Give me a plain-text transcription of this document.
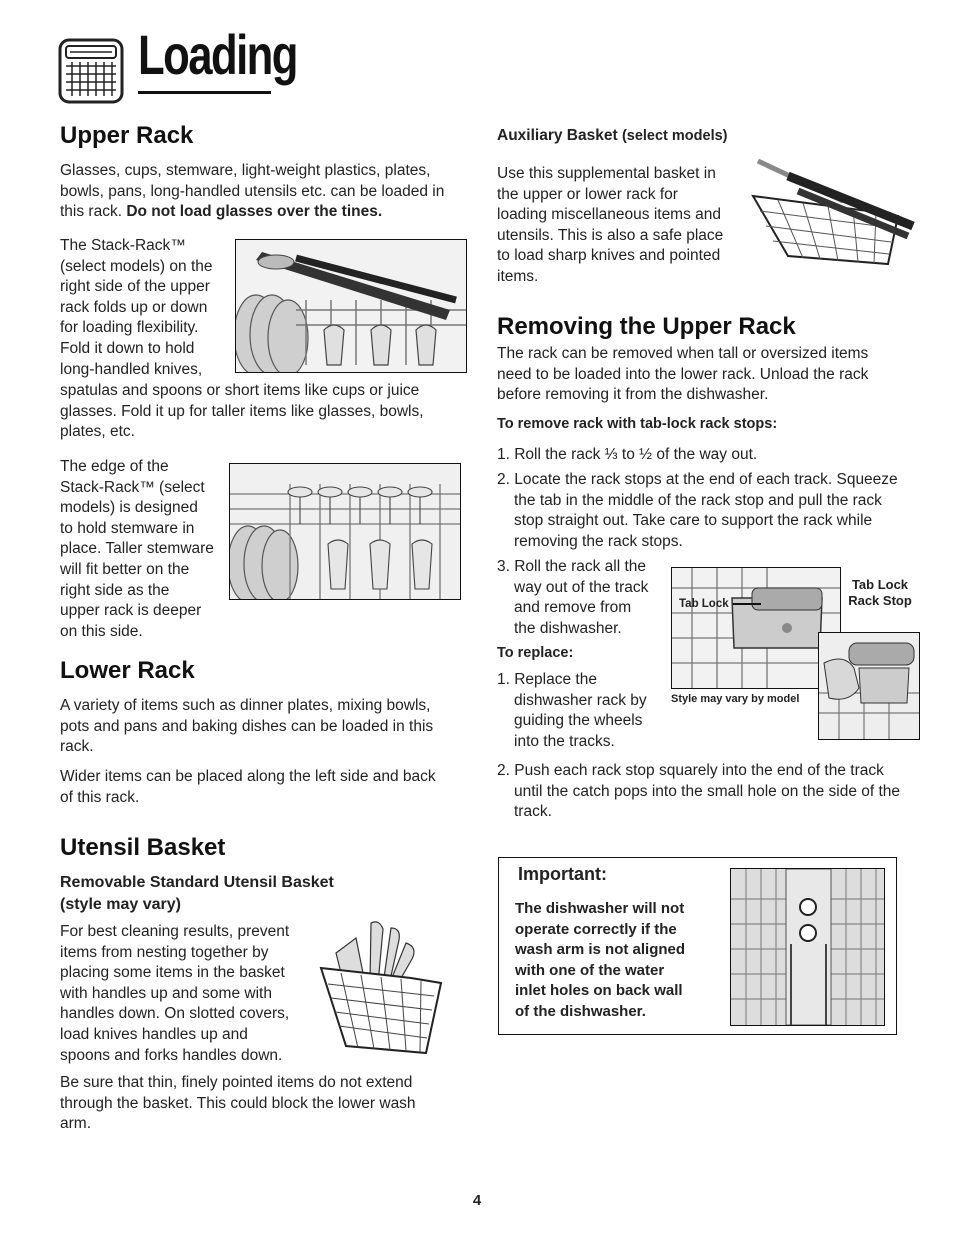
Loading
Upper Rack

Glasses, cups, stemware, light-weight plastics, plates, bowls, pans, long-handled utensils etc. can be loaded in this rack. Do not load glasses over the tines.

The Stack-Rack™

(select models) on the

right side of the upper

rack folds up or down

for loading flexibility.

Fold it down to hold

long-handled knives,

spatulas and spoons or short items like cups or juice glasses. Fold it up for taller items like glasses, bowls, plates, etc.

The edge of the

Stack-Rack™ (select

models) is designed

to hold stemware in

place. Taller stemware

will fit better on the

right side as the

upper rack is deeper

on this side.

Lower Rack

A variety of items such as dinner plates, mixing bowls, pots and pans and baking dishes can be loaded in this rack.

Wider items can be placed along the left side and back of this rack.

Utensil Basket
Removable Standard Utensil Basket
(style may vary)

For best cleaning results, prevent

items from nesting together by

placing some items in the basket

with handles up and some with

handles down. On slotted covers,

load knives handles up and

spoons and forks handles down.

Be sure that thin, finely pointed items do not extend through the basket. This could block the lower wash arm.

Auxiliary Basket (select models)

Use this supplemental basket in

the upper or lower rack for

loading miscellaneous items and

utensils. This is also a safe place

to load sharp knives and pointed

items.

Removing the Upper Rack

The rack can be removed when tall or oversized items need to be loaded into the lower rack. Unload the rack before removing it from the dishwasher.

To remove rack with tab-lock rack stops:

1. Roll the rack ⅓ to ½ of the way out.

2. Locate the rack stops at the end of each track. Squeeze the tab in the middle of the rack stop and pull the rack stop straight out. Take care to support the rack while removing the rack stops.

3. Roll the rack all the

way out of the track

and remove from

the dishwasher.

To replace:

1. Replace the

dishwasher rack by

guiding the wheels

into the tracks.

2. Push each rack stop squarely into the end of the track until the catch pops into the small hole on the side of the track.

Tab Lock
Tab Lock
Rack Stop
Style may vary by model
Important:
The dishwasher will not
operate correctly if the
wash arm is not aligned
with one of the water
inlet holes on back wall
of the dishwasher.
4
